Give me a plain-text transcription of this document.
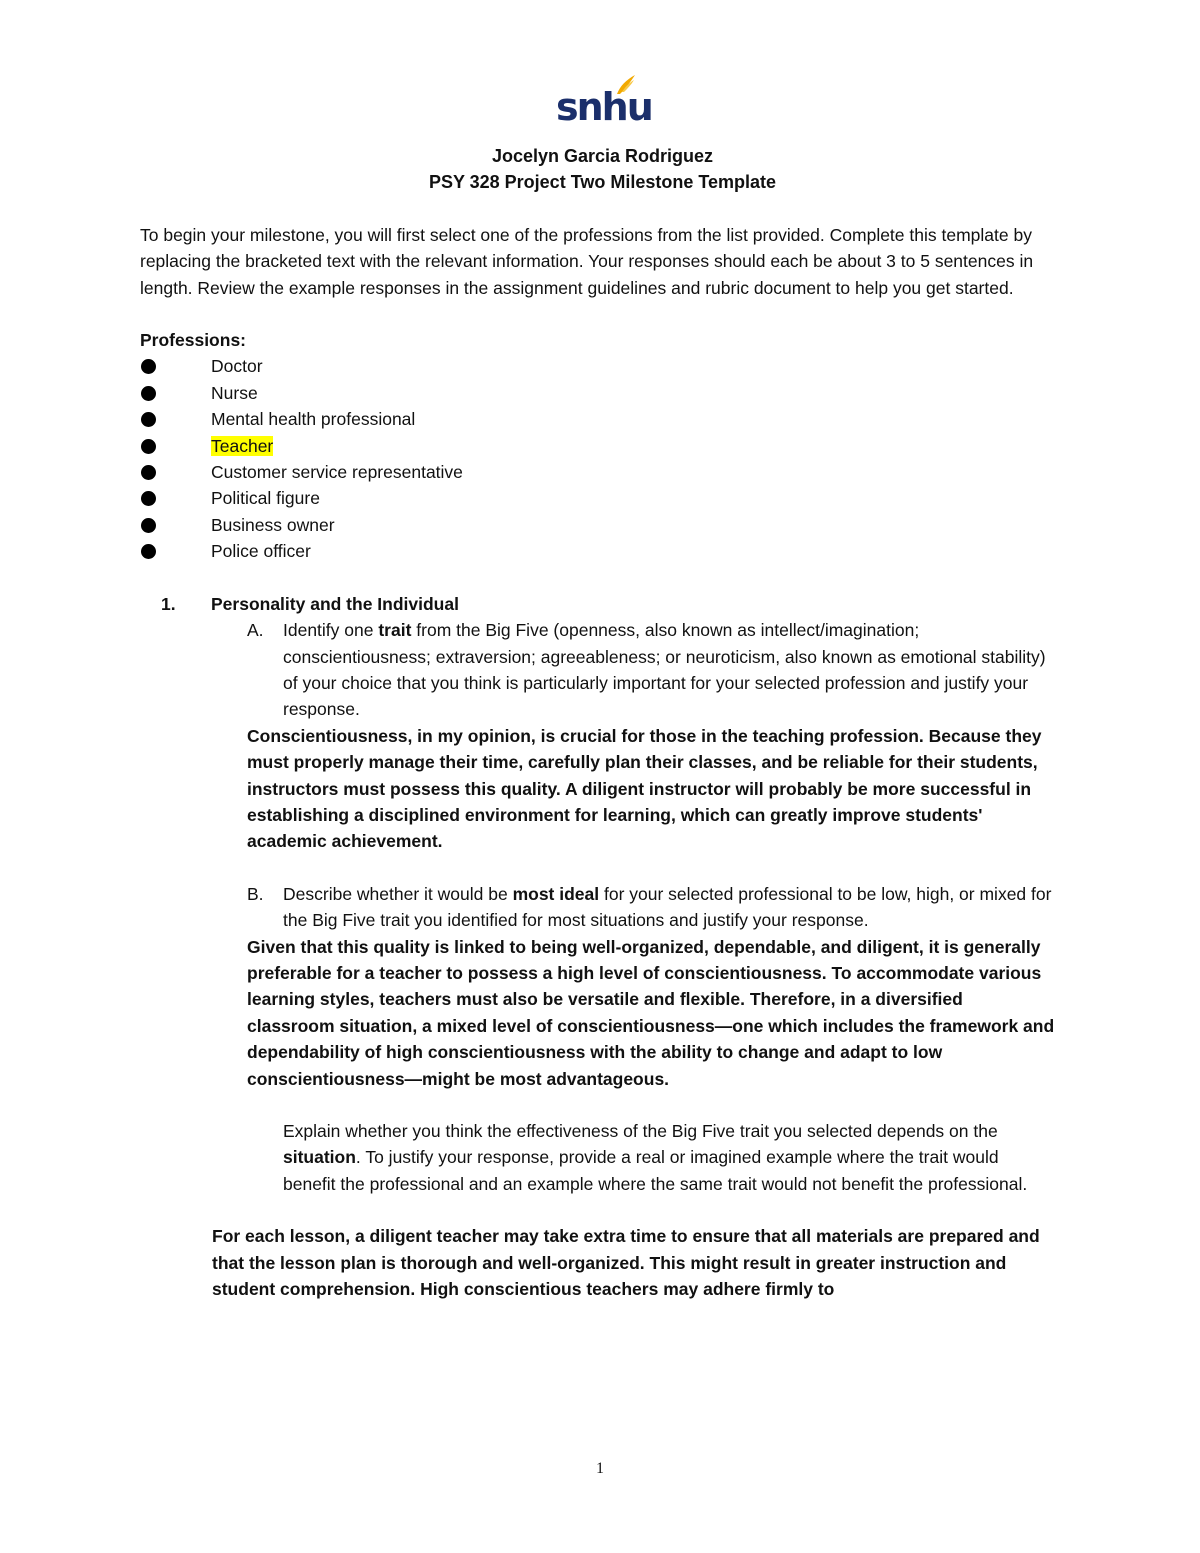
snhu

Jocelyn Garcia Rodriguez

PSY 328 Project Two Milestone Template

To begin your milestone, you will first select one of the professions from the list provided. Complete this template by replacing the bracketed text with the relevant information. Your responses should each be about 3 to 5 sentences in length. Review the example responses in the assignment guidelines and rubric document to help you get started.

Professions:

Doctor
Nurse
Mental health professional
Teacher
Customer service representative
Political figure
Business owner
Police officer

1. Personality and the Individual

A. Identify one trait from the Big Five (openness, also known as intellect/imagination; conscientiousness; extraversion; agreeableness; or neuroticism, also known as emotional stability) of your choice that you think is particularly important for your selected profession and justify your response.

Conscientiousness, in my opinion, is crucial for those in the teaching profession. Because they must properly manage their time, carefully plan their classes, and be reliable for their students, instructors must possess this quality. A diligent instructor will probably be more successful in establishing a disciplined environment for learning, which can greatly improve students' academic achievement.

B. Describe whether it would be most ideal for your selected professional to be low, high, or mixed for the Big Five trait you identified for most situations and justify your response.

Given that this quality is linked to being well-organized, dependable, and diligent, it is generally preferable for a teacher to possess a high level of conscientiousness. To accommodate various learning styles, teachers must also be versatile and flexible. Therefore, in a diversified classroom situation, a mixed level of conscientiousness—one which includes the framework and dependability of high conscientiousness with the ability to change and adapt to low conscientiousness—might be most advantageous.

Explain whether you think the effectiveness of the Big Five trait you selected depends on the situation. To justify your response, provide a real or imagined example where the trait would benefit the professional and an example where the same trait would not benefit the professional.

For each lesson, a diligent teacher may take extra time to ensure that all materials are prepared and that the lesson plan is thorough and well-organized. This might result in greater instruction and student comprehension. High conscientious teachers may adhere firmly to

1
